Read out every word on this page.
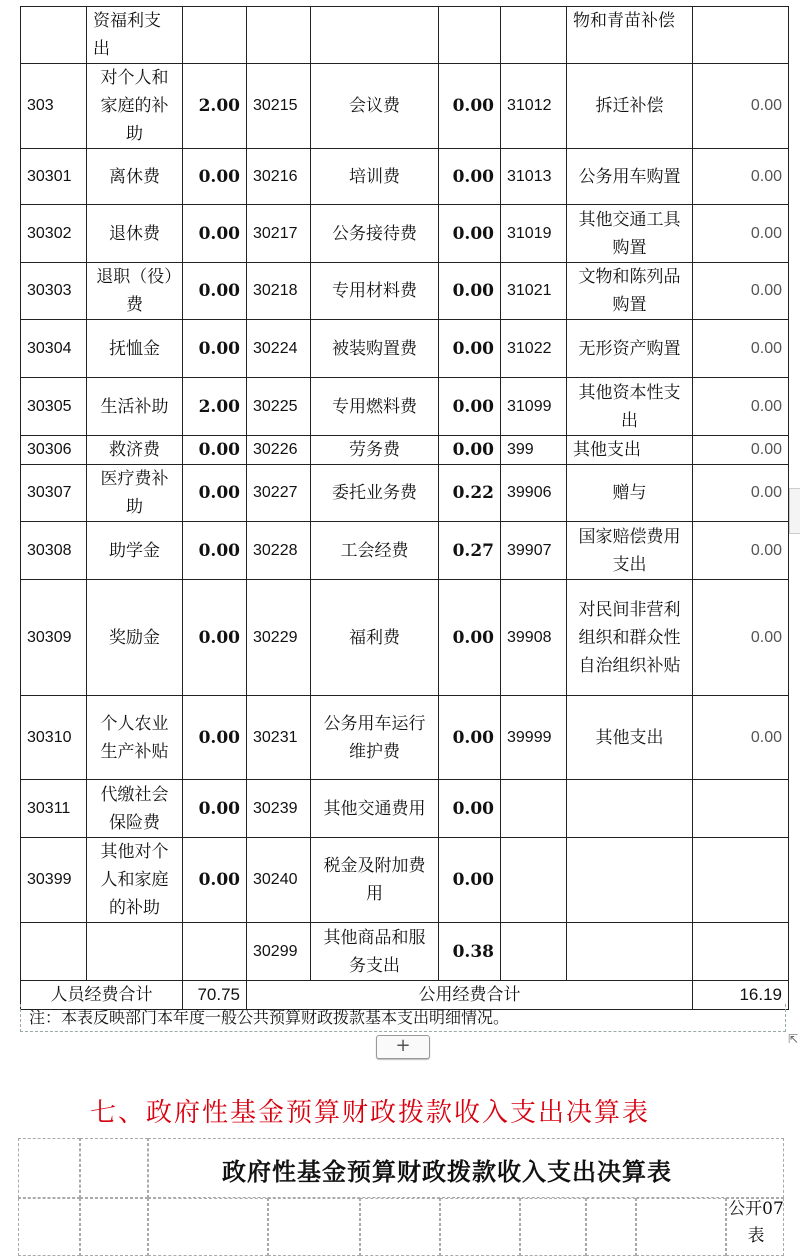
	资福利支出						物和青苗补偿	
303	对个人和家庭的补助	2.00	30215	会议费	0.00	31012	拆迁补偿	0.00
30301	离休费	0.00	30216	培训费	0.00	31013	公务用车购置	0.00
30302	退休费	0.00	30217	公务接待费	0.00	31019	其他交通工具购置	0.00
30303	退职（役）费	0.00	30218	专用材料费	0.00	31021	文物和陈列品购置	0.00
30304	抚恤金	0.00	30224	被装购置费	0.00	31022	无形资产购置	0.00
30305	生活补助	2.00	30225	专用燃料费	0.00	31099	其他资本性支出	0.00
30306	救济费	0.00	30226	劳务费	0.00	399	其他支出	0.00
30307	医疗费补助	0.00	30227	委托业务费	0.22	39906	赠与	0.00
30308	助学金	0.00	30228	工会经费	0.27	39907	国家赔偿费用支出	0.00
30309	奖励金	0.00	30229	福利费	0.00	39908	对民间非营利组织和群众性自治组织补贴	0.00
30310	个人农业生产补贴	0.00	30231	公务用车运行维护费	0.00	39999	其他支出	0.00
30311	代缴社会保险费	0.00	30239	其他交通费用	0.00			
30399	其他对个人和家庭的补助	0.00	30240	税金及附加费用	0.00			
			30299	其他商品和服务支出	0.38			
人员经费合计		70.75	公用经费合计					16.19
注：本表反映部门本年度一般公共预算财政拨款基本支出明细情况。
+	⇱
七、政府性基金预算财政拨款收入支出决算表
政府性基金预算财政拨款收入支出决算表
公开07表
